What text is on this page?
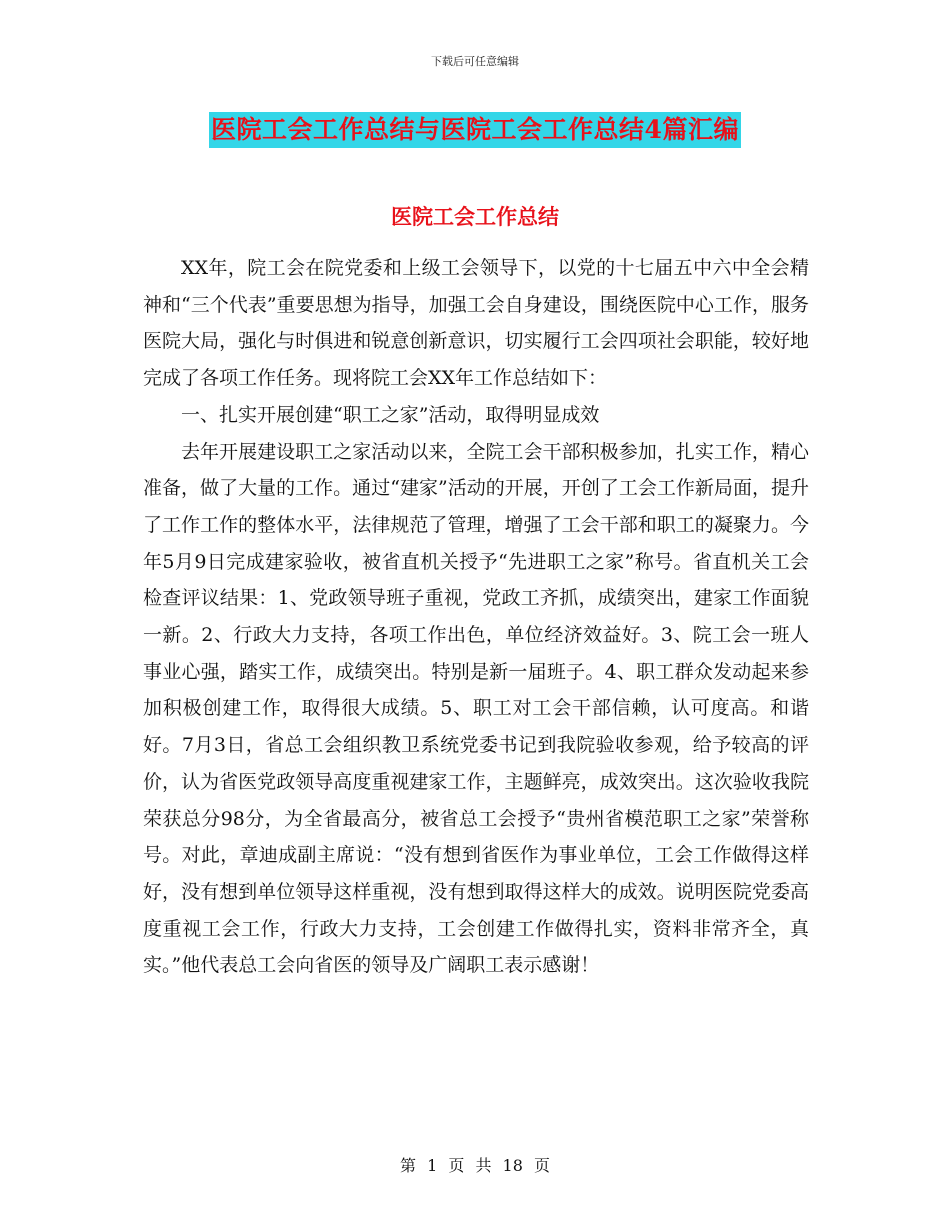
下载后可任意编辑
医院工会工作总结与医院工会工作总结4篇汇编
医院工会工作总结

XX年，院工会在院党委和上级工会领导下，以党的十七届五中六中全会精神和“三个代表”重要思想为指导，加强工会自身建设，围绕医院中心工作，服务医院大局，强化与时俱进和锐意创新意识，切实履行工会四项社会职能，较好地完成了各项工作任务。现将院工会XX年工作总结如下：

一、扎实开展创建“职工之家”活动，取得明显成效

去年开展建设职工之家活动以来，全院工会干部积极参加，扎实工作，精心准备，做了大量的工作。通过“建家”活动的开展，开创了工会工作新局面，提升了工作工作的整体水平，法律规范了管理，增强了工会干部和职工的凝聚力。今年5月9日完成建家验收，被省直机关授予“先进职工之家”称号。省直机关工会检查评议结果：1、党政领导班子重视，党政工齐抓，成绩突出，建家工作面貌一新。2、行政大力支持，各项工作出色，单位经济效益好。3、院工会一班人事业心强，踏实工作，成绩突出。特别是新一届班子。4、职工群众发动起来参加积极创建工作，取得很大成绩。5、职工对工会干部信赖，认可度高。和谐好。7月3日，省总工会组织教卫系统党委书记到我院验收参观，给予较高的评价，认为省医党政领导高度重视建家工作，主题鲜亮，成效突出。这次验收我院荣获总分98分，为全省最高分，被省总工会授予“贵州省模范职工之家”荣誉称号。对此，章迪成副主席说：“没有想到省医作为事业单位，工会工作做得这样好，没有想到单位领导这样重视，没有想到取得这样大的成效。说明医院党委高度重视工会工作，行政大力支持，工会创建工作做得扎实，资料非常齐全，真实。”他代表总工会向省医的领导及广阔职工表示感谢！

第 1 页 共 18 页
